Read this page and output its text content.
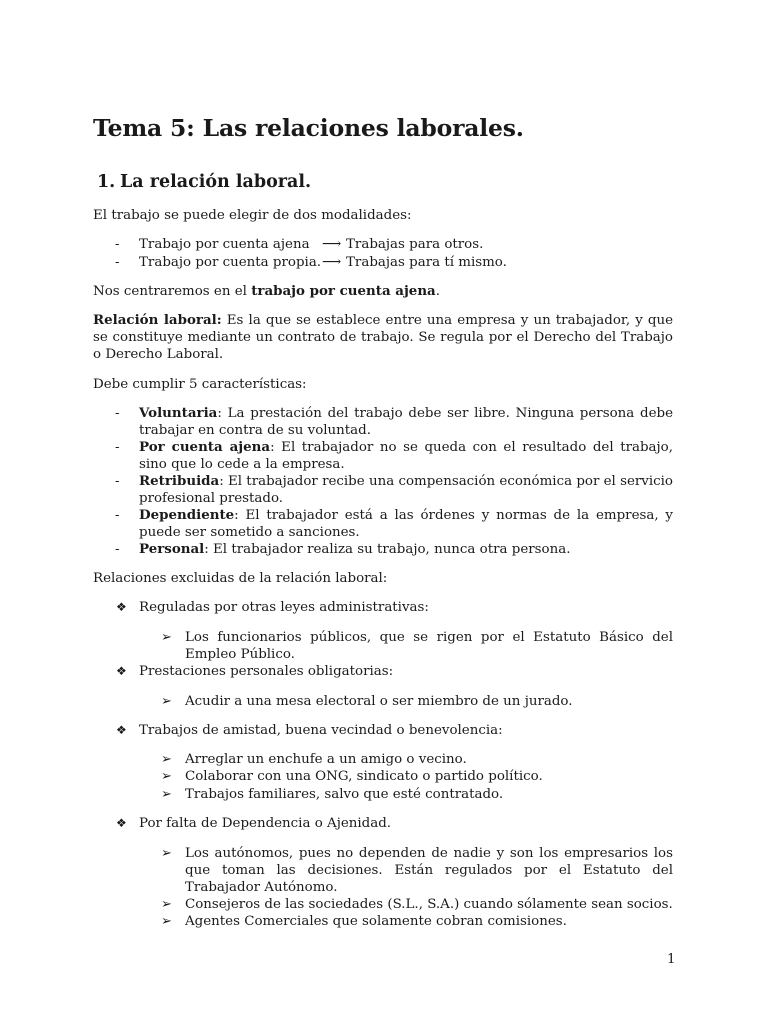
Tema 5: Las relaciones laborales.
1. La relación laboral.

El trabajo se puede elegir de dos modalidades:

- Trabajo por cuenta ajena ⟶ Trabajas para otros.
- Trabajo por cuenta propia. ⟶ Trabajas para tí mismo.

Nos centraremos en el trabajo por cuenta ajena.

Relación laboral: Es la que se establece entre una empresa y un trabajador, y que se constituye mediante un contrato de trabajo. Se regula por el Derecho del Trabajo o Derecho Laboral.

Debe cumplir 5 características:

- Voluntaria: La prestación del trabajo debe ser libre. Ninguna persona debe trabajar en contra de su voluntad.
- Por cuenta ajena: El trabajador no se queda con el resultado del trabajo, sino que lo cede a la empresa.
- Retribuida: El trabajador recibe una compensación económica por el servicio profesional prestado.
- Dependiente: El trabajador está a las órdenes y normas de la empresa, y puede ser sometido a sanciones.
- Personal: El trabajador realiza su trabajo, nunca otra persona.

Relaciones excluidas de la relación laboral:

❖ Reguladas por otras leyes administrativas:
➢ Los funcionarios públicos, que se rigen por el Estatuto Básico del Empleo Público.
❖ Prestaciones personales obligatorias:
➢ Acudir a una mesa electoral o ser miembro de un jurado.
❖ Trabajos de amistad, buena vecindad o benevolencia:
➢ Arreglar un enchufe a un amigo o vecino.
➢ Colaborar con una ONG, sindicato o partido político.
➢ Trabajos familiares, salvo que esté contratado.
❖ Por falta de Dependencia o Ajenidad.
➢ Los autónomos, pues no dependen de nadie y son los empresarios los que toman las decisiones. Están regulados por el Estatuto del Trabajador Autónomo.
➢ Consejeros de las sociedades (S.L., S.A.) cuando sólamente sean socios.
➢ Agentes Comerciales que solamente cobran comisiones.
1
